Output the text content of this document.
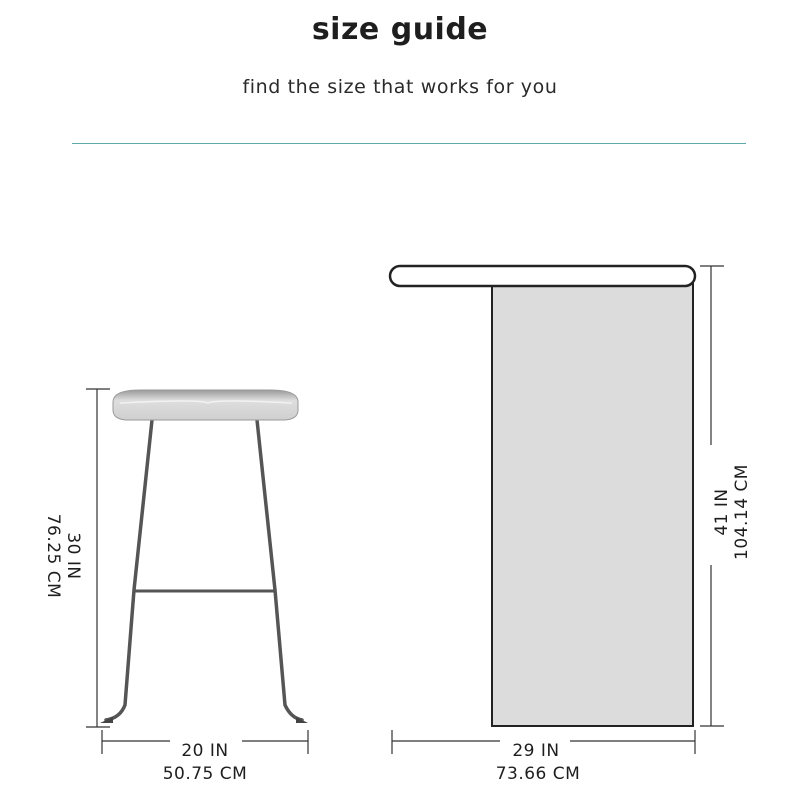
size guide
find the size that works for you
30 IN
76.25 CM
20 IN
50.75 CM
41 IN 104.14 CM
29 IN
73.66 CM
